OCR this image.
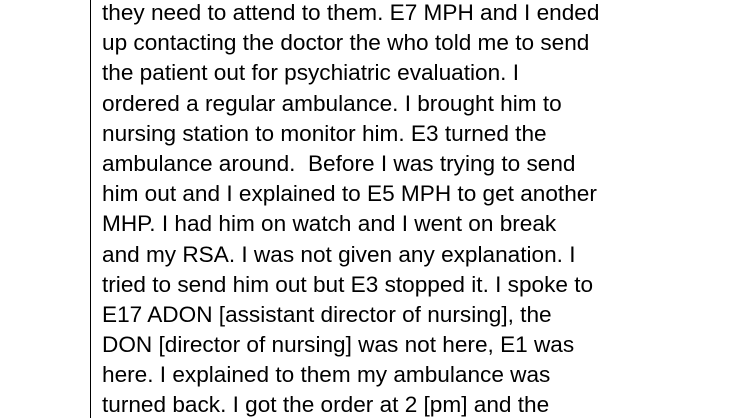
they need to attend to them. E7 MPH and I ended
up contacting the doctor the who told me to send
the patient out for psychiatric evaluation. I
ordered a regular ambulance. I brought him to
nursing station to monitor him. E3 turned the
ambulance around.  Before I was trying to send
him out and I explained to E5 MPH to get another
MHP. I had him on watch and I went on break
and my RSA. I was not given any explanation. I
tried to send him out but E3 stopped it. I spoke to
E17 ADON [assistant director of nursing], the
DON [director of nursing] was not here, E1 was
here. I explained to them my ambulance was
turned back. I got the order at 2 [pm] and the
